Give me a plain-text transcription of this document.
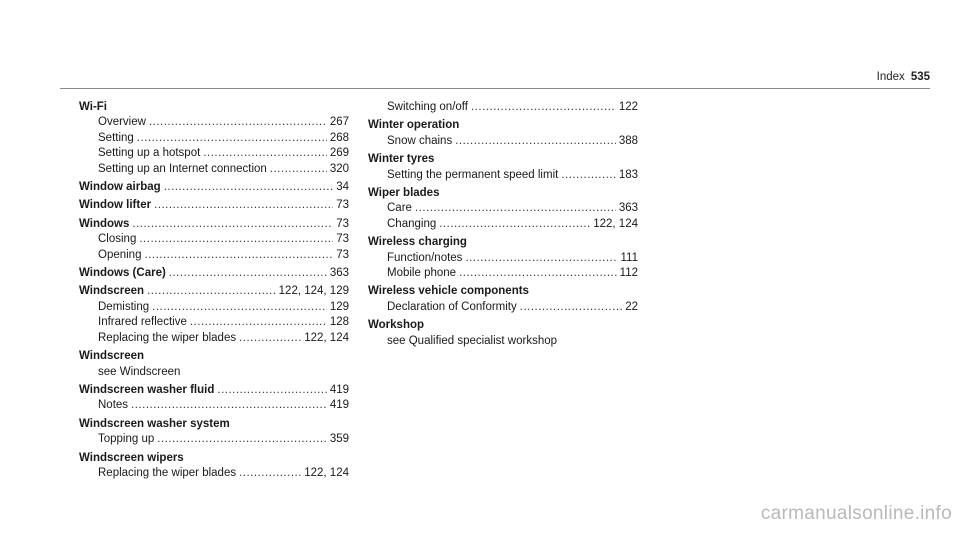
Index 535
Wi-Fi
Overview .....	267
Setting .....	268
Setting up a hotspot .....	269
Setting up an Internet connection .....	320
Window airbag .....	34
Window lifter .....	73
Windows .....	73
Closing .....	73
Opening .....	73
Windows (Care) .....	363
Windscreen .....	122, 124, 129
Demisting .....	129
Infrared reflective .....	128
Replacing the wiper blades .....	122, 124
Windscreen
see Windscreen
Windscreen washer fluid .....	419
Notes .....	419
Windscreen washer system
Topping up .....	359
Windscreen wipers
Replacing the wiper blades .....	122, 124
Switching on/off .....	122
Winter operation
Snow chains .....	388
Winter tyres
Setting the permanent speed limit .....	183
Wiper blades
Care .....	363
Changing .....	122, 124
Wireless charging
Function/notes .....	111
Mobile phone .....	112
Wireless vehicle components
Declaration of Conformity .....	22
Workshop
see Qualified specialist workshop
carmanualsonline.info
